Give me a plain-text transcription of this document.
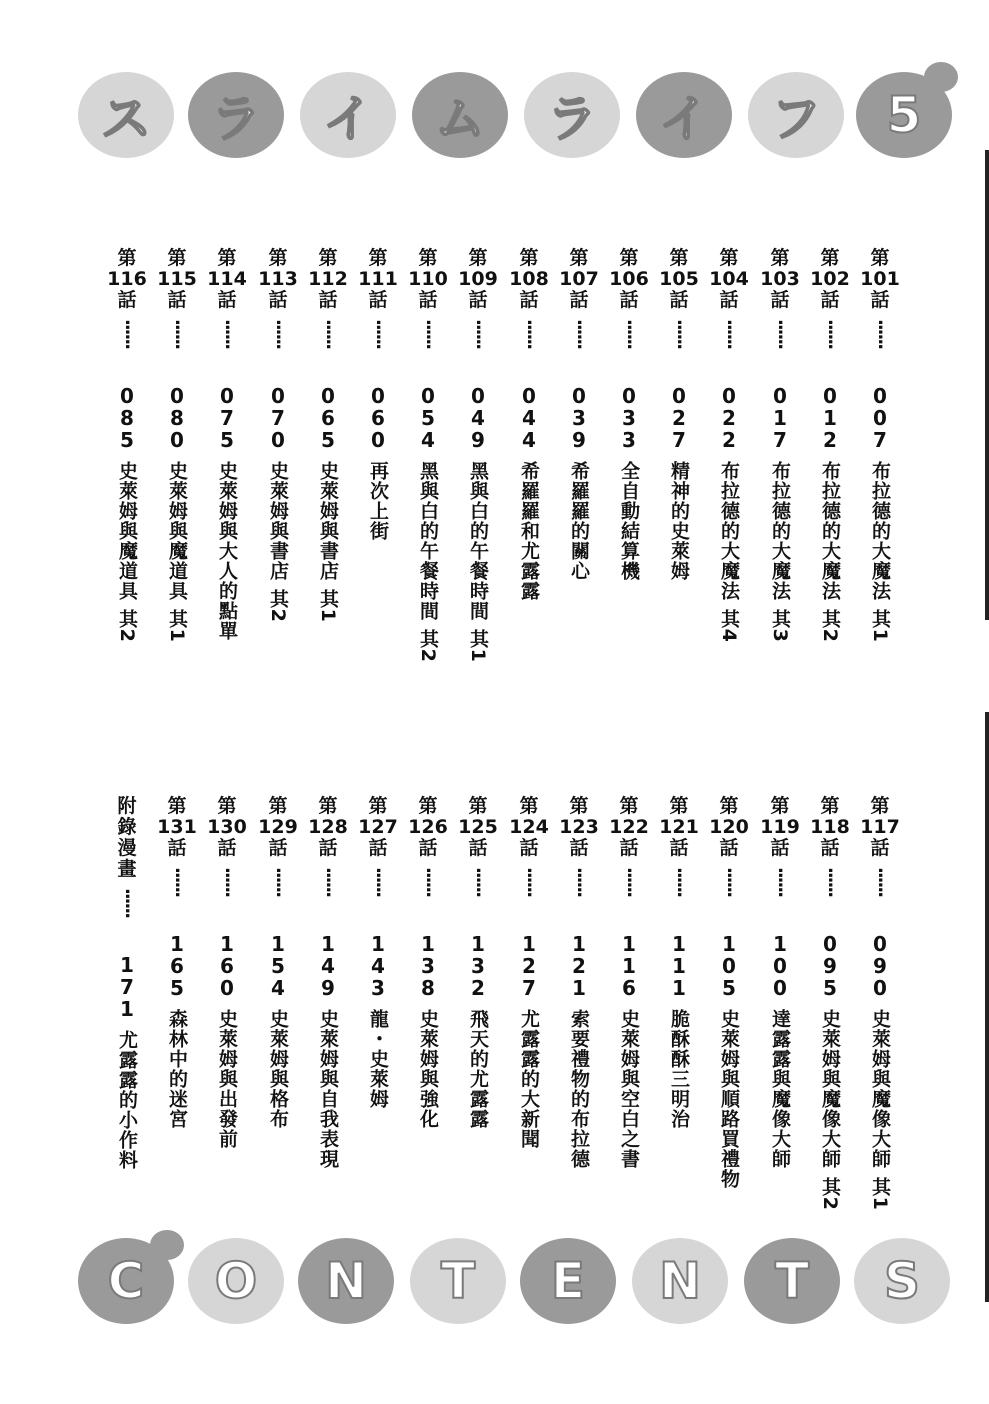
ス ラ イ ム ラ イ フ 5
C O N T E N T S
第
101
話
······
0
0
7
布拉德的大魔法 其1
第
102
話
······
0
1
2
布拉德的大魔法 其2
第
103
話
······
0
1
7
布拉德的大魔法 其3
第
104
話
······
0
2
2
布拉德的大魔法 其4
第
105
話
······
0
2
7
精神的史萊姆
第
106
話
······
0
3
3
全自動結算機
第
107
話
······
0
3
9
希羅羅的關心
第
108
話
······
0
4
4
希羅羅和尤露露
第
109
話
······
0
4
9
黑與白的午餐時間 其1
第
110
話
······
0
5
4
黑與白的午餐時間 其2
第
111
話
······
0
6
0
再次上街
第
112
話
······
0
6
5
史萊姆與書店 其1
第
113
話
······
0
7
0
史萊姆與書店 其2
第
114
話
······
0
7
5
史萊姆與大人的點單
第
115
話
······
0
8
0
史萊姆與魔道具 其1
第
116
話
······
0
8
5
史萊姆與魔道具 其2
第
117
話
······
0
9
0
史萊姆與魔像大師 其1
第
118
話
······
0
9
5
史萊姆與魔像大師 其2
第
119
話
······
1
0
0
達露露與魔像大師
第
120
話
······
1
0
5
史萊姆與順路買禮物
第
121
話
······
1
1
1
脆酥酥三明治
第
122
話
······
1
1
6
史萊姆與空白之書
第
123
話
······
1
2
1
索要禮物的布拉德
第
124
話
······
1
2
7
尤露露的大新聞
第
125
話
······
1
3
2
飛天的尤露露
第
126
話
······
1
3
8
史萊姆與強化
第
127
話
······
1
4
3
龍・史萊姆
第
128
話
······
1
4
9
史萊姆與自我表現
第
129
話
······
1
5
4
史萊姆與格布
第
130
話
······
1
6
0
史萊姆與出發前
第
131
話
······
1
6
5
森林中的迷宮
附
錄
漫
畫
······
1
7
1
尤露露的小作料
